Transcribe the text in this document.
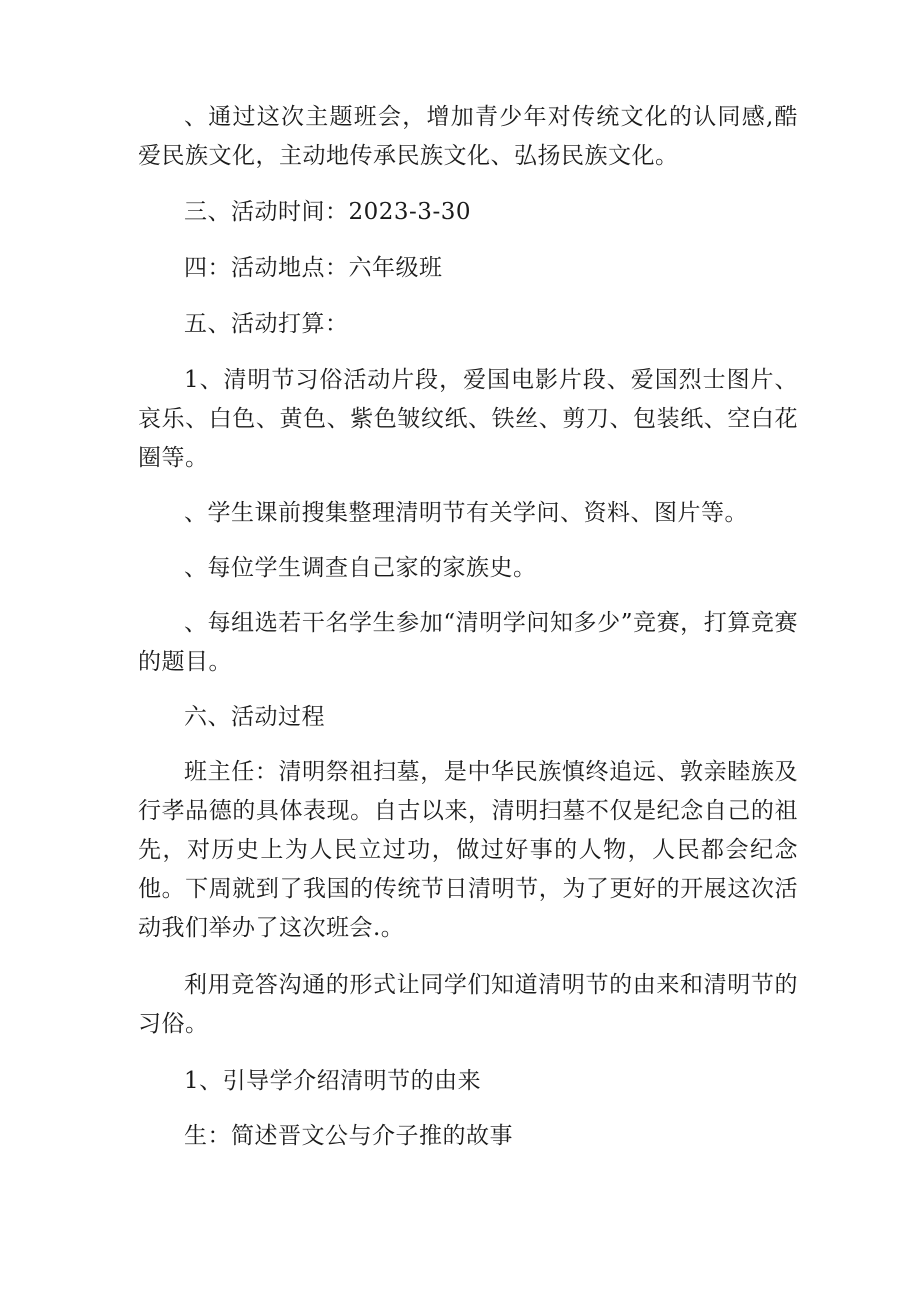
、通过这次主题班会，增加青少年对传统文化的认同感,酷爱民族文化，主动地传承民族文化、弘扬民族文化。

三、活动时间：2023-3-30

四：活动地点：六年级班

五、活动打算：

1、清明节习俗活动片段，爱国电影片段、爱国烈士图片、哀乐、白色、黄色、紫色皱纹纸、铁丝、剪刀、包装纸、空白花圈等。

、学生课前搜集整理清明节有关学问、资料、图片等。

、每位学生调查自己家的家族史。

、每组选若干名学生参加“清明学问知多少”竞赛，打算竞赛的题目。

六、活动过程

班主任：清明祭祖扫墓，是中华民族慎终追远、敦亲睦族及行孝品德的具体表现。自古以来，清明扫墓不仅是纪念自己的祖先，对历史上为人民立过功，做过好事的人物，人民都会纪念他。下周就到了我国的传统节日清明节，为了更好的开展这次活动我们举办了这次班会.。

利用竞答沟通的形式让同学们知道清明节的由来和清明节的习俗。

1、引导学介绍清明节的由来

生：简述晋文公与介子推的故事
